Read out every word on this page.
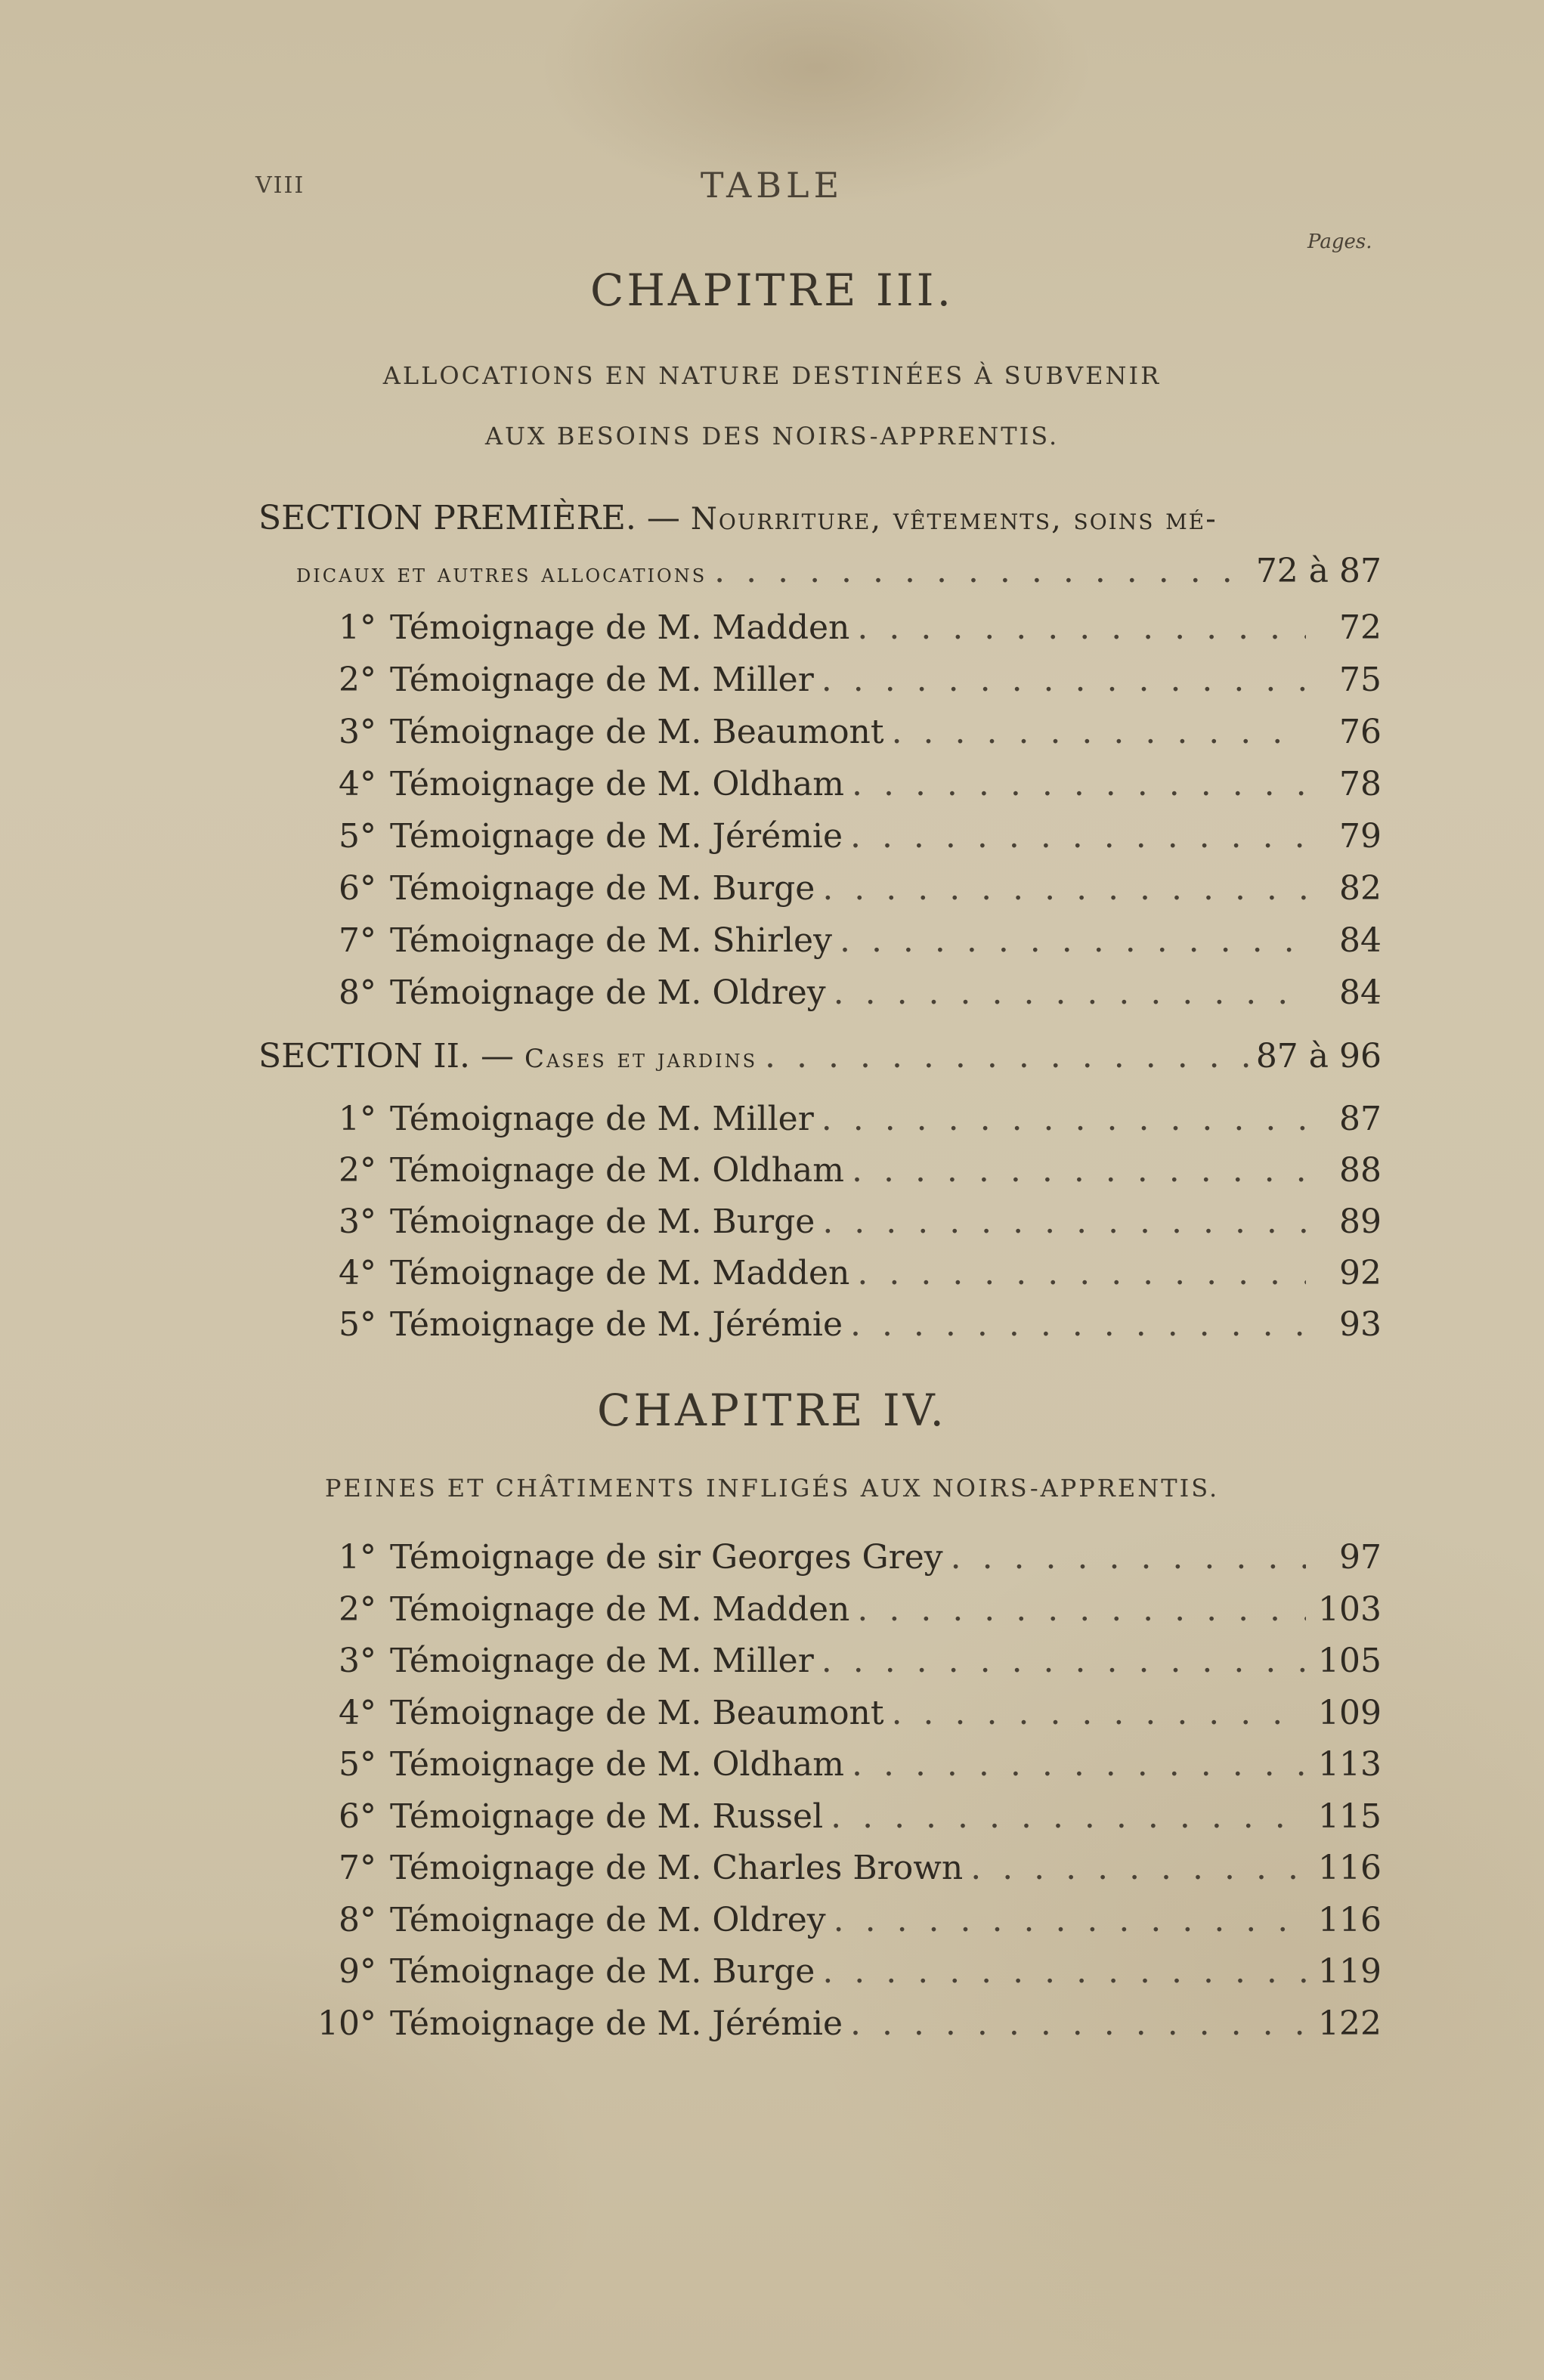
VIII	TABLE
Pages.
CHAPITRE III.
ALLOCATIONS EN NATURE DESTINÉES À SUBVENIR
AUX BESOINS DES NOIRS-APPRENTIS.
SECTION PREMIÈRE. — Nourriture, vêtements, soins mé-
dicaux et autres allocations . . .	72 à 87
1° Témoignage de M. Madden . . .	72
2° Témoignage de M. Miller . . .	75
3° Témoignage de M. Beaumont . . .	76
4° Témoignage de M. Oldham . . .	78
5° Témoignage de M. Jérémie . . .	79
6° Témoignage de M. Burge . . .	82
7° Témoignage de M. Shirley . . .	84
8° Témoignage de M. Oldrey . . .	84
SECTION II. — Cases et jardins . . .	87 à 96
1° Témoignage de M. Miller . . .	87
2° Témoignage de M. Oldham . . .	88
3° Témoignage de M. Burge . . .	89
4° Témoignage de M. Madden . . .	92
5° Témoignage de M. Jérémie . . .	93
CHAPITRE IV.
PEINES ET CHÂTIMENTS INFLIGÉS AUX NOIRS-APPRENTIS.
1° Témoignage de sir Georges Grey . . .	97
2° Témoignage de M. Madden . . .	103
3° Témoignage de M. Miller . . .	105
4° Témoignage de M. Beaumont . . .	109
5° Témoignage de M. Oldham . . .	113
6° Témoignage de M. Russel . . .	115
7° Témoignage de M. Charles Brown . . .	116
8° Témoignage de M. Oldrey . . .	116
9° Témoignage de M. Burge . . .	119
10° Témoignage de M. Jérémie . . .	122
